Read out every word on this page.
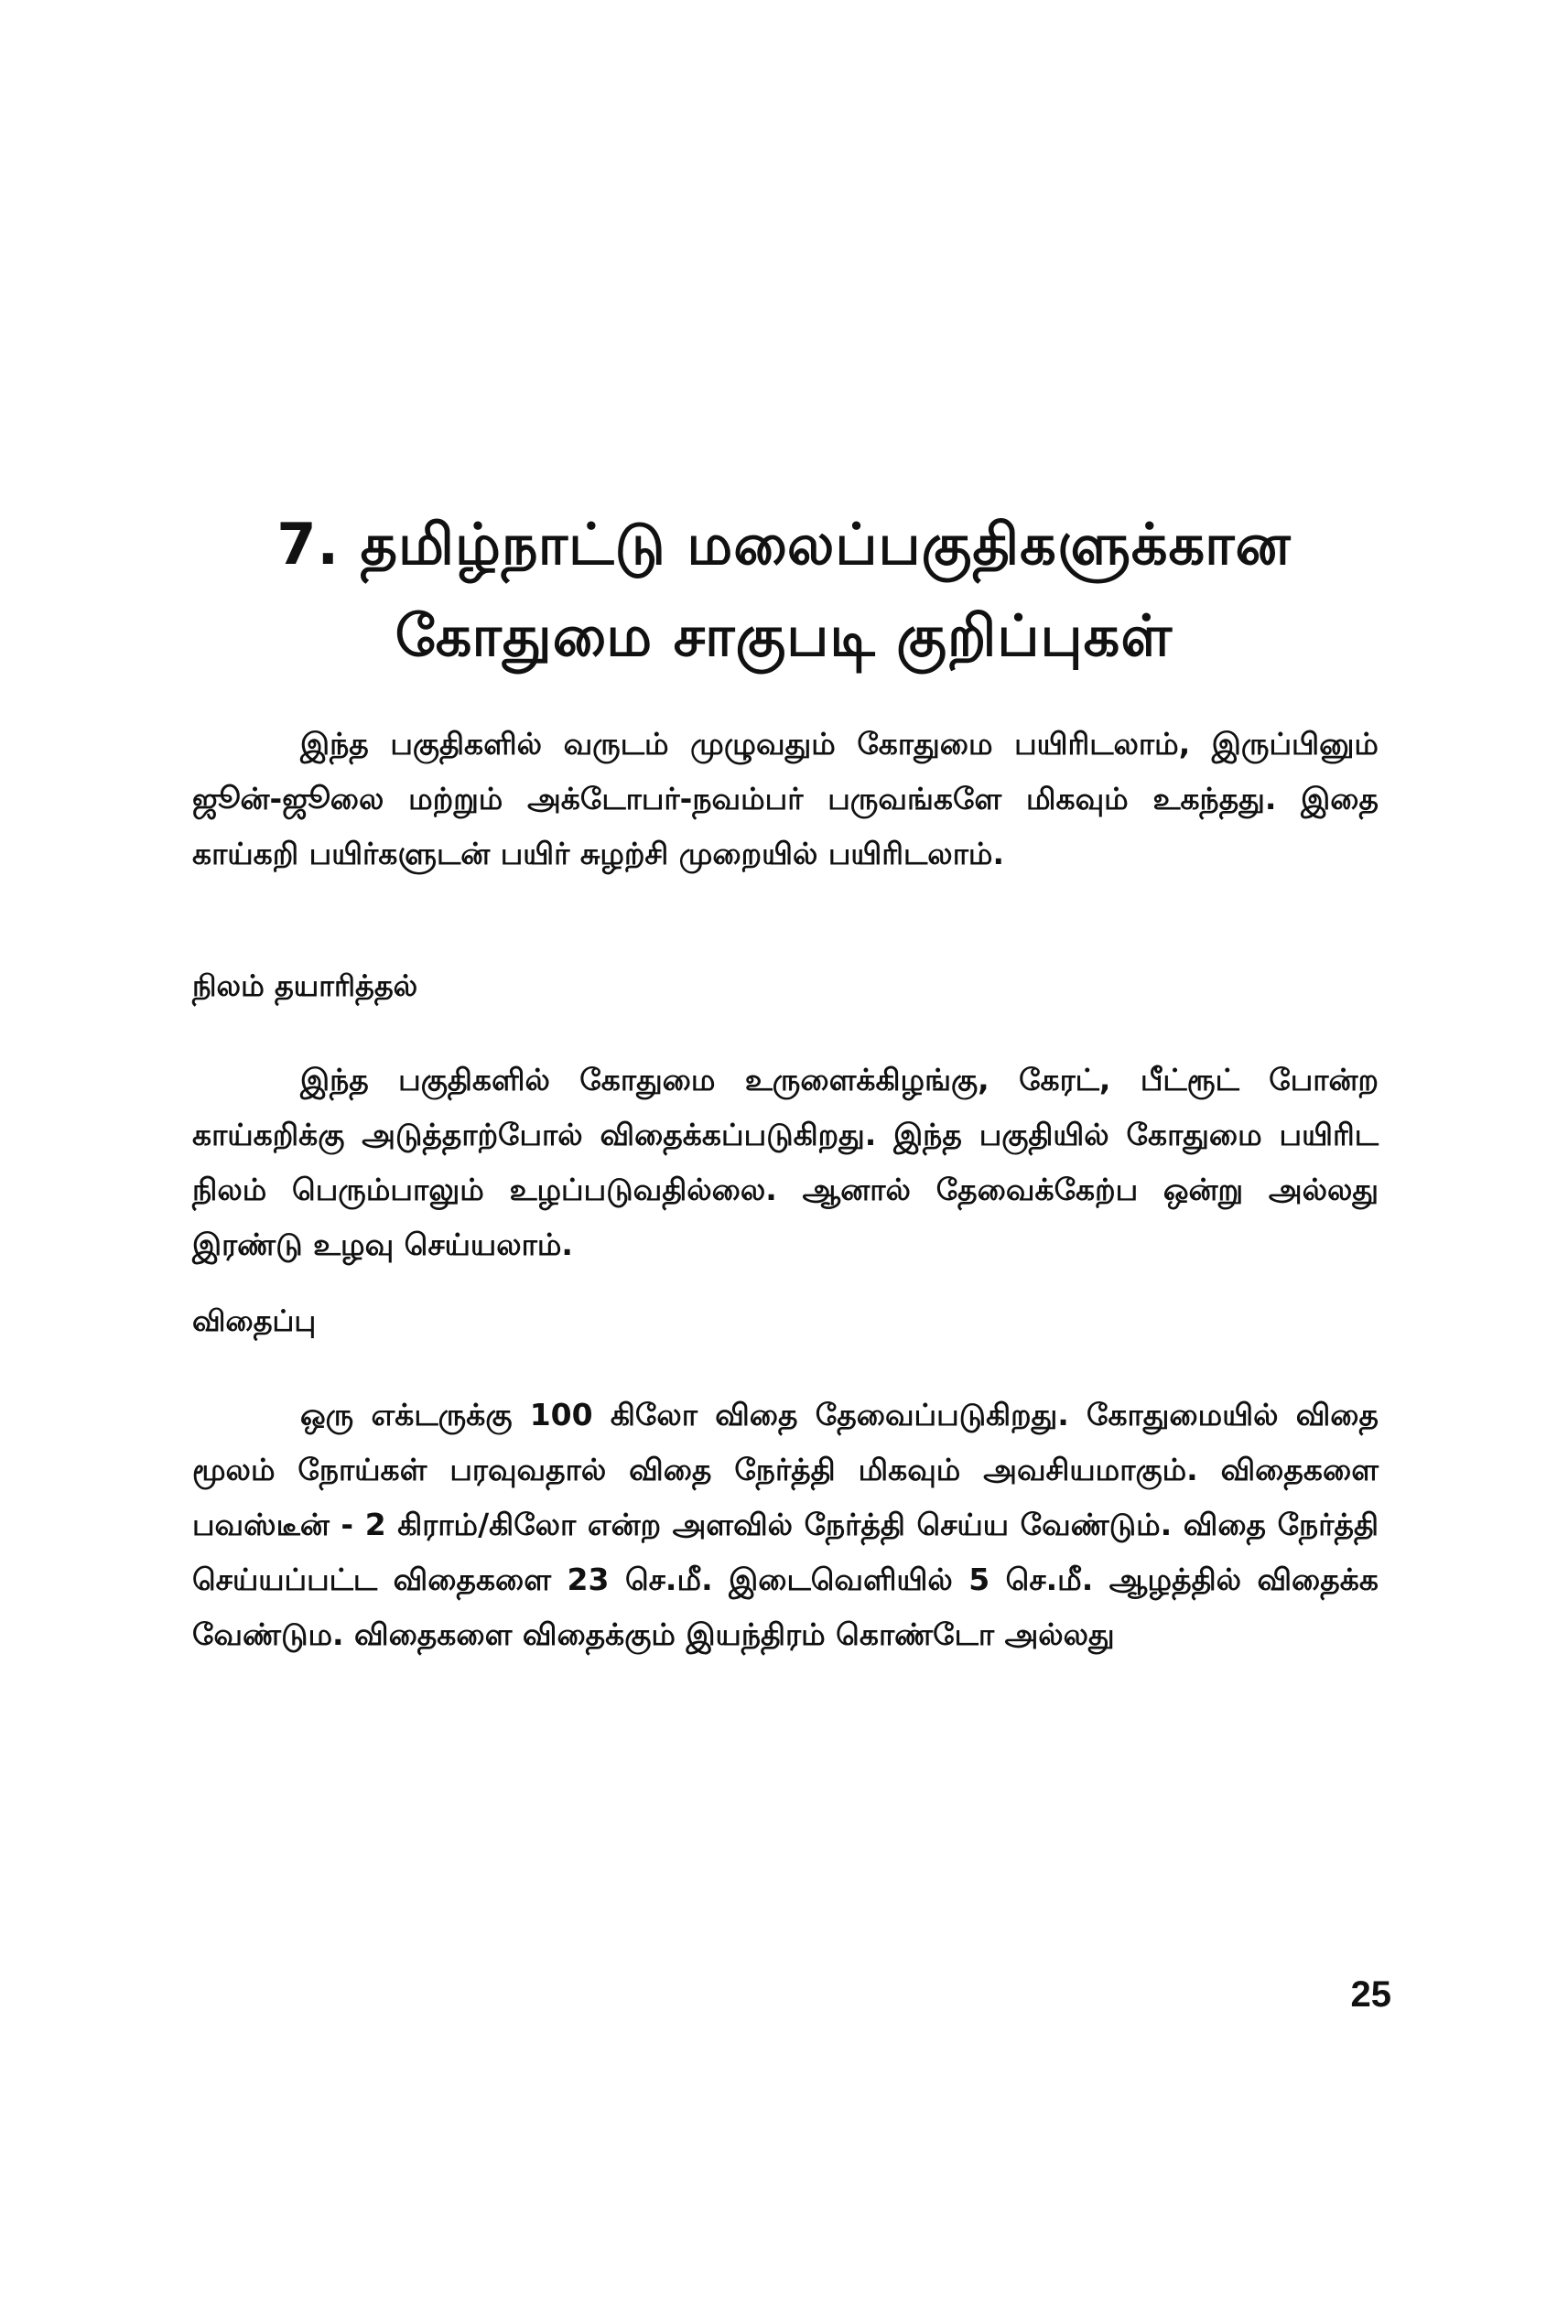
7. தமிழ்நாட்டு மலைப்பகுதிகளுக்கான
கோதுமை சாகுபடி குறிப்புகள்

இந்த பகுதிகளில் வருடம் முழுவதும் கோதுமை பயிரிடலாம், இருப்பினும் ஜூன்-ஜூலை மற்றும் அக்டோபர்-நவம்பர் பருவங்களே மிகவும் உகந்தது. இதை காய்கறி பயிர்களுடன் பயிர் சுழற்சி முறையில் பயிரிடலாம்.

நிலம் தயாரித்தல்

இந்த பகுதிகளில் கோதுமை உருளைக்கிழங்கு, கேரட், பீட்ரூட் போன்ற காய்கறிக்கு அடுத்தாற்போல் விதைக்கப்படுகிறது. இந்த பகுதியில் கோதுமை பயிரிட நிலம் பெரும்பாலும் உழப்படுவதில்லை. ஆனால் தேவைக்கேற்ப ஒன்று அல்லது இரண்டு உழவு செய்யலாம்.

விதைப்பு

ஒரு எக்டருக்கு 100 கிலோ விதை தேவைப்படுகிறது. கோதுமையில் விதை மூலம் நோய்கள் பரவுவதால் விதை நேர்த்தி மிகவும் அவசியமாகும். விதைகளை பவஸ்டீன் - 2 கிராம்/கிலோ என்ற அளவில் நேர்த்தி செய்ய வேண்டும். விதை நேர்த்தி செய்யப்பட்ட விதைகளை 23 செ.மீ. இடைவெளியில் 5 செ.மீ. ஆழத்தில் விதைக்க வேண்டும. விதைகளை விதைக்கும் இயந்திரம் கொண்டோ அல்லது

25
